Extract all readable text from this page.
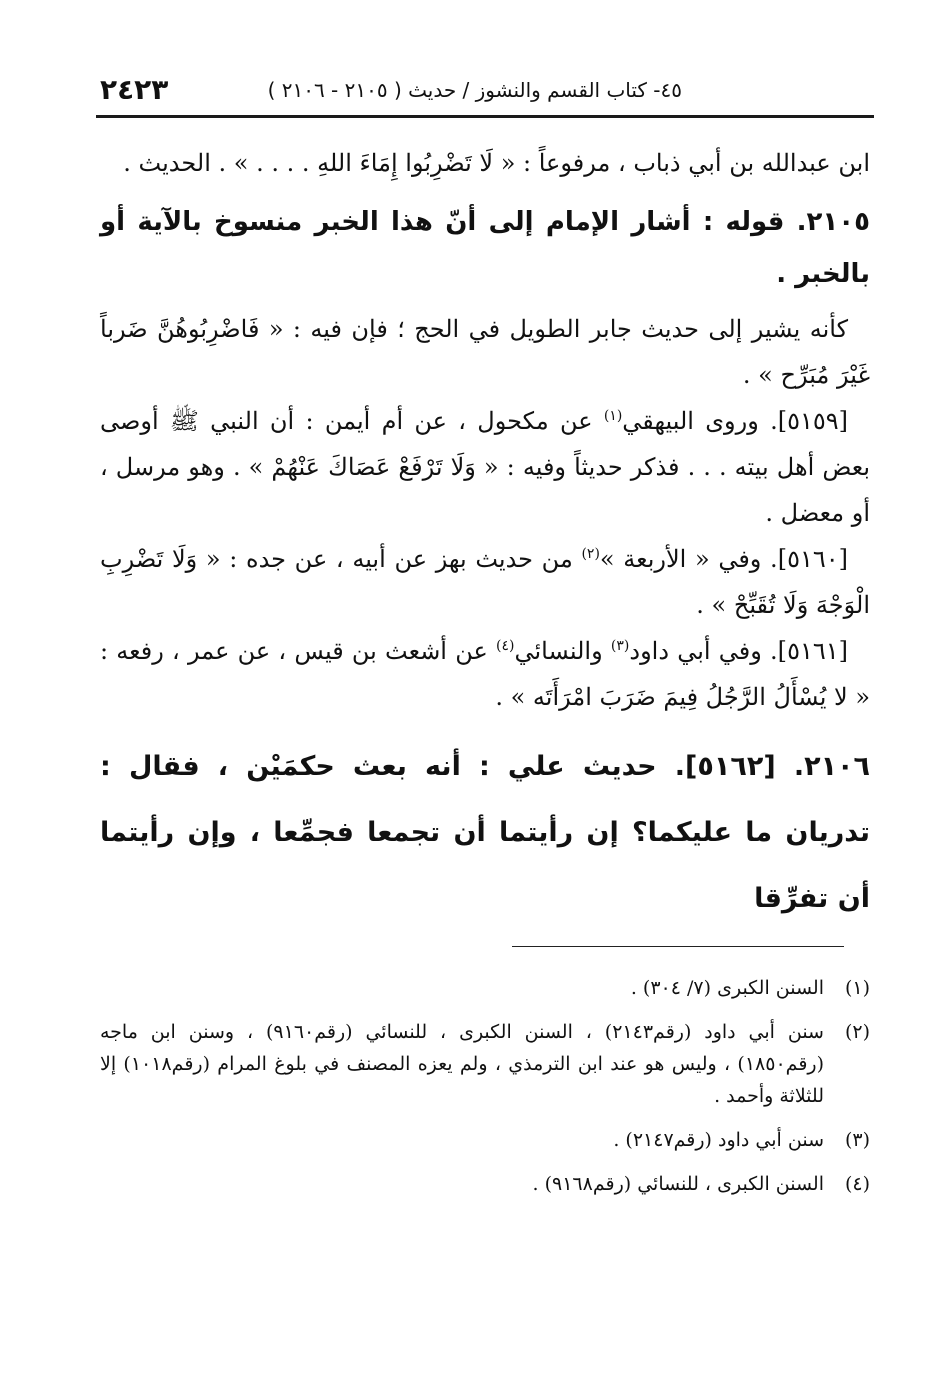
٢٤٢٣	٤٥- كتاب القسم والنشوز / حديث ( ٢١٠٥ - ٢١٠٦ )

ابن عبدالله بن أبي ذباب ، مرفوعاً : « لَا تَضْرِبُوا إِمَاءَ اللهِ . . . . » . الحديث .

٢١٠٥. قوله : أشار الإمام إلى أنّ هذا الخبر منسوخ بالآية أو بالخبر .

كأنه يشير إلى حديث جابر الطويل في الحج ؛ فإن فيه : « فَاضْرِبُوهُنَّ ضَرباً غَيْرَ مُبَرِّح » .

[٥١٥٩]. وروى البيهقي$^{(١)}$ عن مكحول ، عن أم أيمن : أن النبي ﷺ أوصى بعض أهل بيته . . . فذكر حديثاً وفيه : « وَلَا تَرْفَعْ عَصَاكَ عَنْهُمْ » . وهو مرسل ، أو معضل .

[٥١٦٠]. وفي « الأربعة »$^{(٢)}$ من حديث بهز عن أبيه ، عن جده : « وَلَا تَضْرِبِ الْوَجْهَ وَلَا تُقَبِّحْ » .

[٥١٦١]. وفي أبي داود$^{(٣)}$ والنسائي$^{(٤)}$ عن أشعث بن قيس ، عن عمر ، رفعه : « لا يُسْأَلُ الرَّجُلُ فِيمَ ضَرَبَ امْرَأَتَه » .

٢١٠٦. [٥١٦٢]. حديث علي : أنه بعث حكمَيْن ، فقال : تدريان ما عليكما؟ إن رأيتما أن تجمعا فجمِّعا ، وإن رأيتما أن تفرِّقا

(١)
السنن الكبرى (٧/ ٣٠٤) .
(٢)
سنن أبي داود (رقم٢١٤٣) ، السنن الكبرى ، للنسائي (رقم٩١٦٠) ، وسنن ابن ماجه (رقم١٨٥٠) ، وليس هو عند ابن الترمذي ، ولم يعزه المصنف في بلوغ المرام (رقم١٠١٨) إلا للثلاثة وأحمد .
(٣)
سنن أبي داود (رقم٢١٤٧) .
(٤)
السنن الكبرى ، للنسائي (رقم٩١٦٨) .
